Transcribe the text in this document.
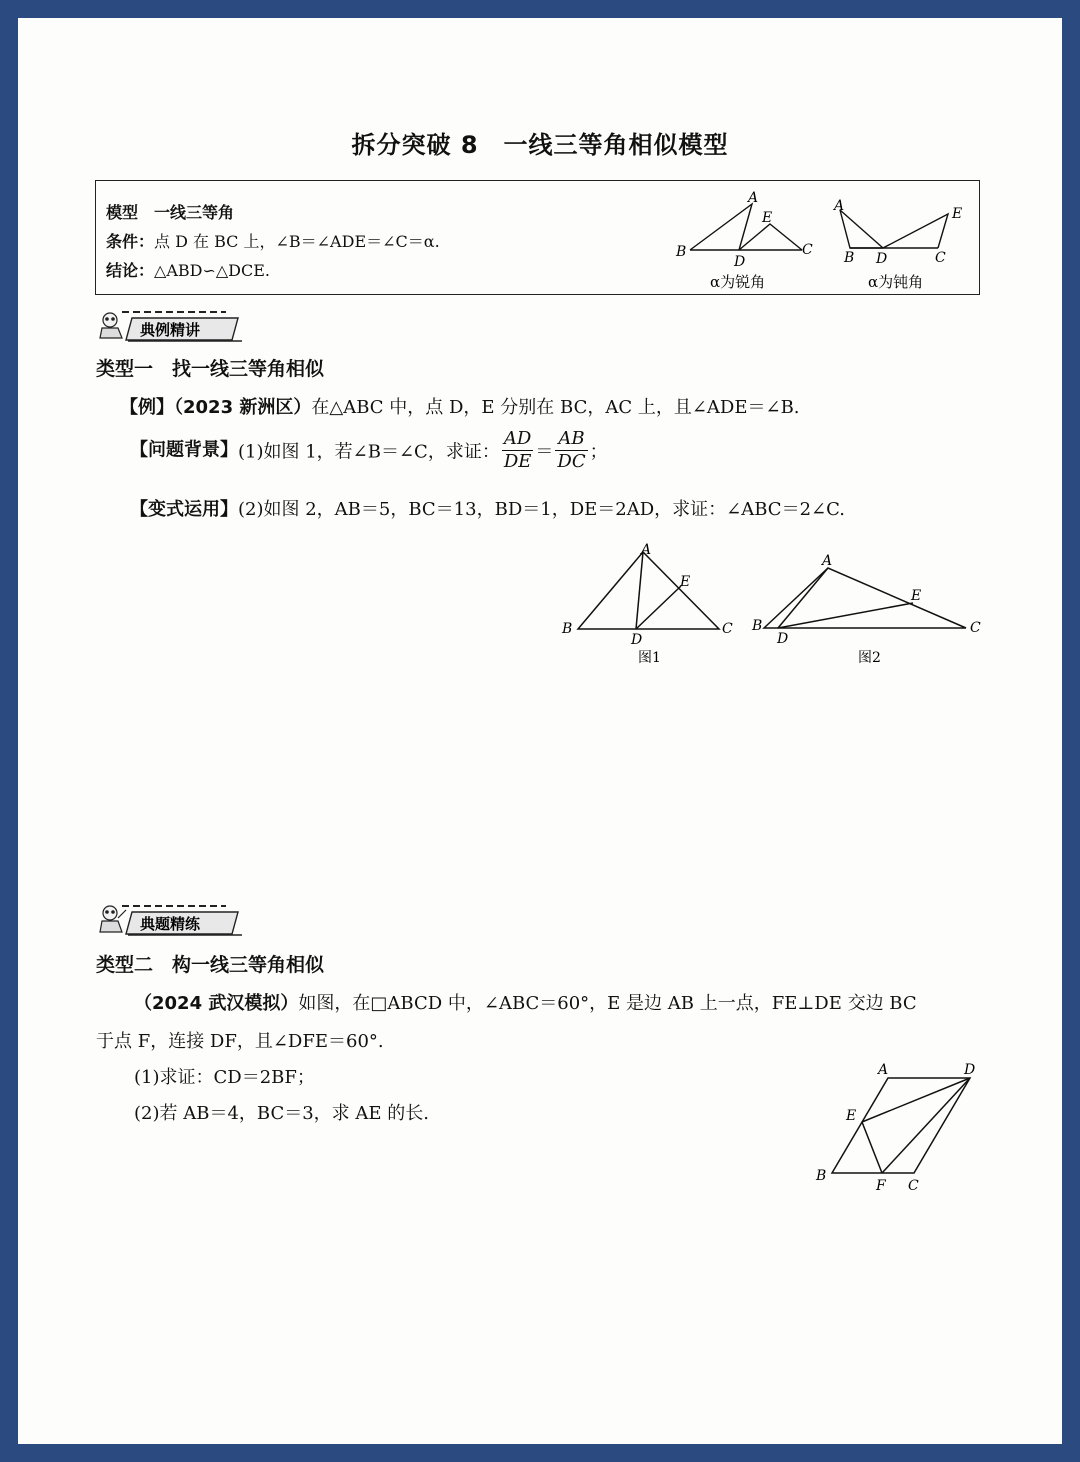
拆分突破 8　一线三等角相似模型
模型　一线三等角
条件：点 D 在 BC 上，∠B＝∠ADE＝∠C＝α.
结论：△ABD∽△DCE.
A
B
D
E
C
α为锐角
A
B D
E
C
α为钝角
典例精讲
类型一　找一线三等角相似
【例】（2023 新洲区）在△ABC 中，点 D，E 分别在 BC，AC 上，且∠ADE＝∠B.
【问题背景】(1)如图 1，若∠B＝∠C，求证： $\frac{AD}{DE} = \frac{AB}{DC}$ ；
【变式运用】(2)如图 2，AB＝5，BC＝13，BD＝1，DE＝2AD，求证：∠ABC＝2∠C.
A
B
D
E
C
图1
A
B
D
E
C
图2
典题精练
类型二　构一线三等角相似
（2024 武汉模拟）如图，在□ABCD 中，∠ABC＝60°，E 是边 AB 上一点，FE⊥DE 交边 BC
于点 F，连接 DF，且∠DFE＝60°.
(1)求证：CD＝2BF；
(2)若 AB＝4，BC＝3，求 AE 的长.
A	D
E
B
F C
